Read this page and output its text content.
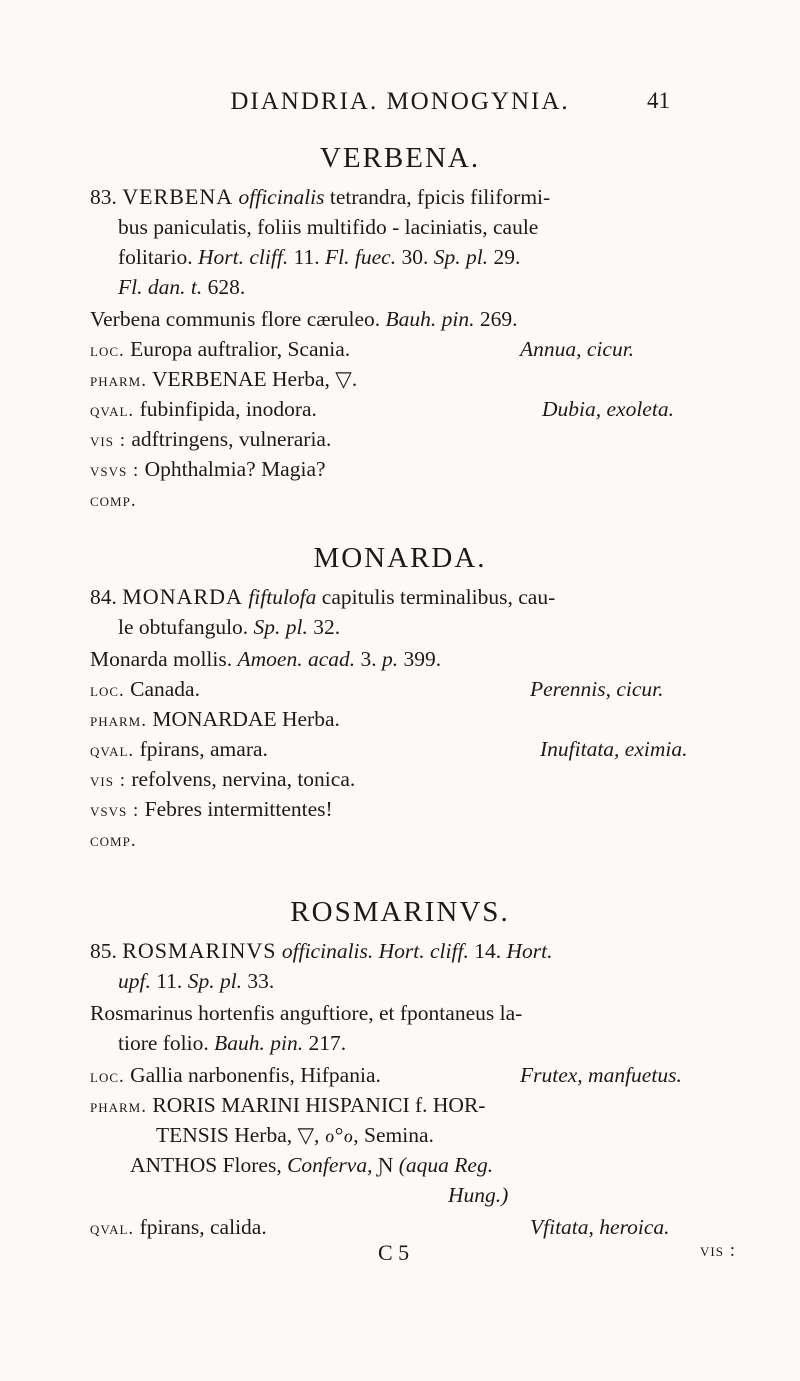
DIANDRIA. MONOGYNIA.	41
VERBENA.
83. VERBENA officinalis tetrandra, fpicis filiformi-
bus paniculatis, foliis multifido - laciniatis, caule
folitario. Hort. cliff. 11. Fl. fuec. 30. Sp. pl. 29.
Fl. dan. t. 628.
Verbena communis flore cæruleo. Bauh. pin. 269.
loc. Europa auftralior, Scania.	Annua, cicur.
pharm. VERBENAE Herba, ▽.
qval. fubinfipida, inodora.	Dubia, exoleta.
vis : adftringens, vulneraria.
vsvs : Ophthalmia? Magia?
comp.
MONARDA.
84. MONARDA fiftulofa capitulis terminalibus, cau-
le obtufangulo. Sp. pl. 32.
Monarda mollis. Amoen. acad. 3. p. 399.
loc. Canada.	Perennis, cicur.
pharm. MONARDAE Herba.
qval. fpirans, amara.	Inufitata, eximia.
vis : refolvens, nervina, tonica.
vsvs : Febres intermittentes!
comp.
ROSMARINVS.
85. ROSMARINVS officinalis. Hort. cliff. 14. Hort.
upf. 11. Sp. pl. 33.
Rosmarinus hortenfis anguftiore, et fpontaneus la-
tiore folio. Bauh. pin. 217.
loc. Gallia narbonenfis, Hifpania.	Frutex, manfuetus.
pharm. RORIS MARINI HISPANICI f. HOR-
TENSIS Herba, ▽, ℴ°ℴ, Semina.
ANTHOS Flores, Conferva, Ɲ (aqua Reg.
Hung.)
qval. fpirans, calida.	Vfitata, heroica.
C 5	vis :
